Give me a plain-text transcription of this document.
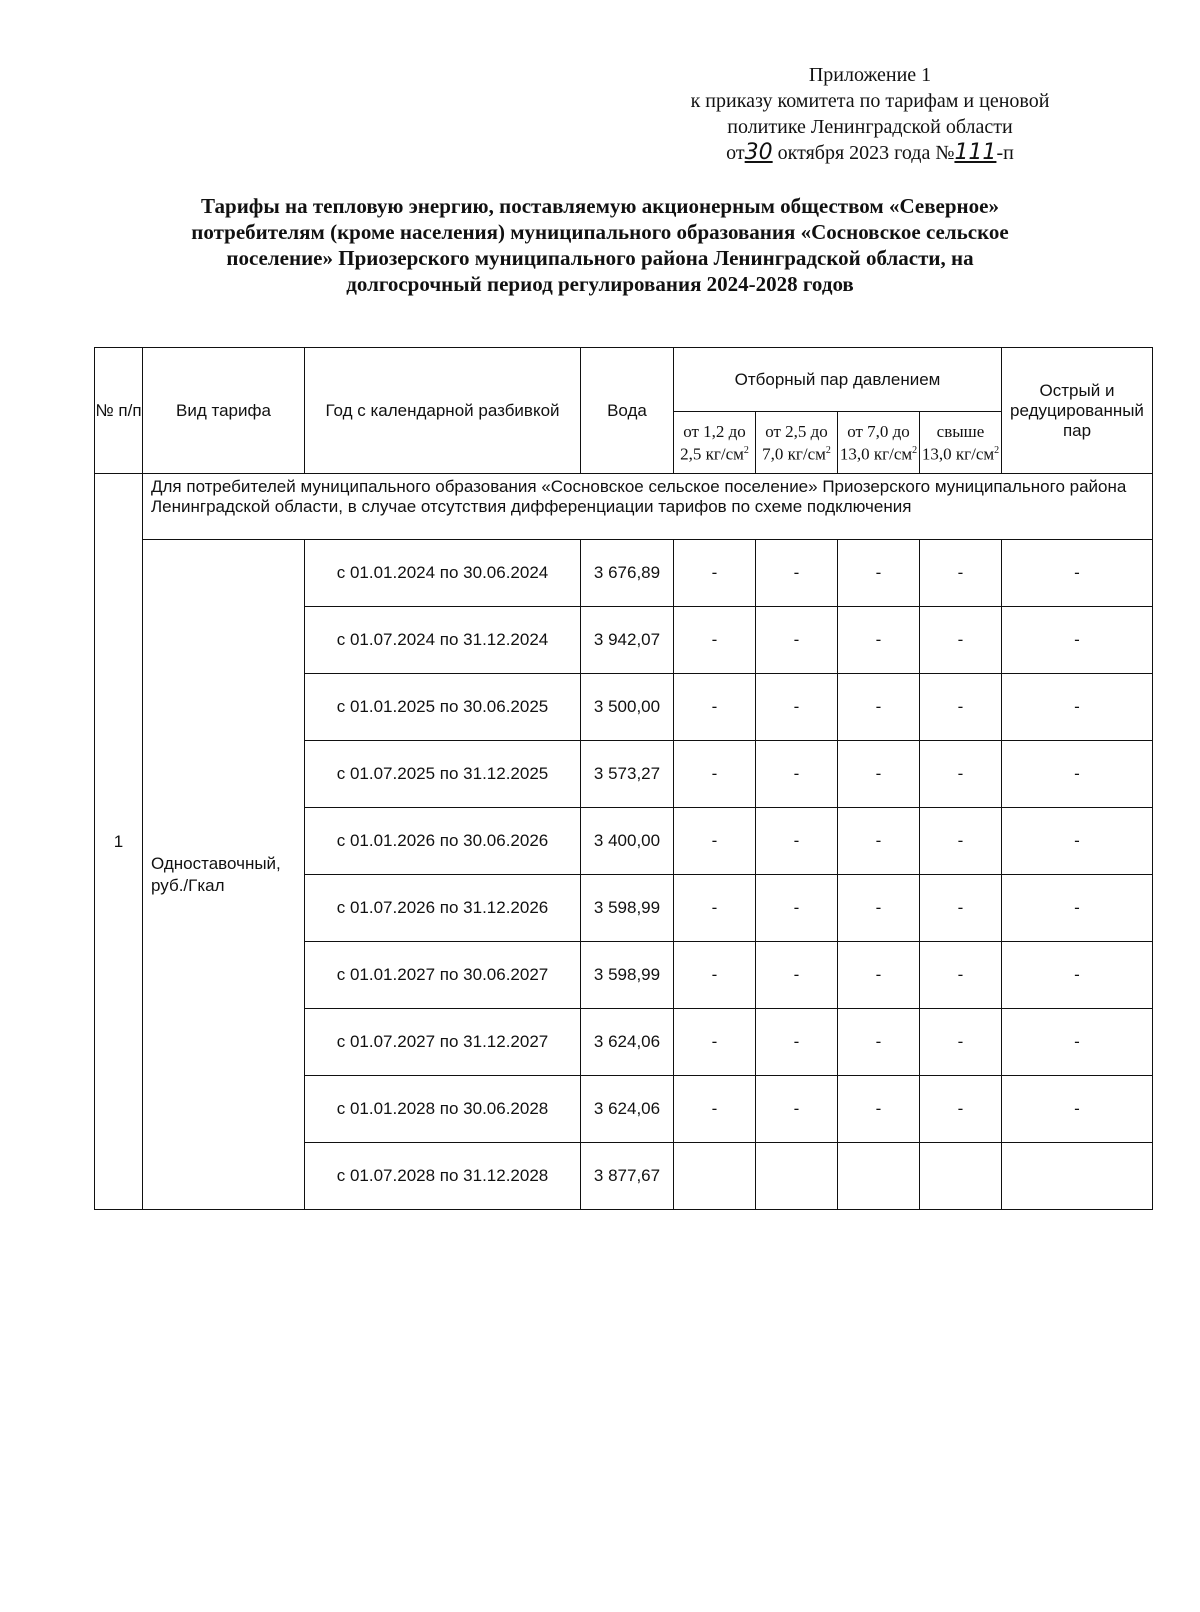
Приложение 1
к приказу комитета по тарифам и ценовой
политике Ленинградской области
от30 октября 2023 года №111-п
Тарифы на тепловую энергию, поставляемую акционерным обществом «Северное»
потребителям (кроме населения) муниципального образования «Сосновское сельское
поселение» Приозерского муниципального района Ленинградской области, на
долгосрочный период регулирования 2024-2028 годов
№ п/п	Вид тарифа	Год с календарной разбивкой	Вода	Отборный пар давлением				Острый и редуцированный пар
				от 1,2 до 2,5 $кг/см^2$	от 2,5 до 7,0 $кг/см^2$	от 7,0 до 13,0 $кг/см^2$	свыше 13,0 $кг/см^2$
1	Для потребителей муниципального образования «Сосновское сельское поселение» Приозерского муниципального района Ленинградской области, в случае отсутствия дифференциации тарифов по схеме подключения							
	Одноставочный, руб./Гкал	с 01.01.2024 по 30.06.2024	3 676,89	-	-	-	-	-
		с 01.07.2024 по 31.12.2024	3 942,07	-	-	-	-	-
		с 01.01.2025 по 30.06.2025	3 500,00	-	-	-	-	-
		с 01.07.2025 по 31.12.2025	3 573,27	-	-	-	-	-
		с 01.01.2026 по 30.06.2026	3 400,00	-	-	-	-	-
		с 01.07.2026 по 31.12.2026	3 598,99	-	-	-	-	-
		с 01.01.2027 по 30.06.2027	3 598,99	-	-	-	-	-
		с 01.07.2027 по 31.12.2027	3 624,06	-	-	-	-	-
		с 01.01.2028 по 30.06.2028	3 624,06	-	-	-	-	-
		с 01.07.2028 по 31.12.2028	3 877,67					
